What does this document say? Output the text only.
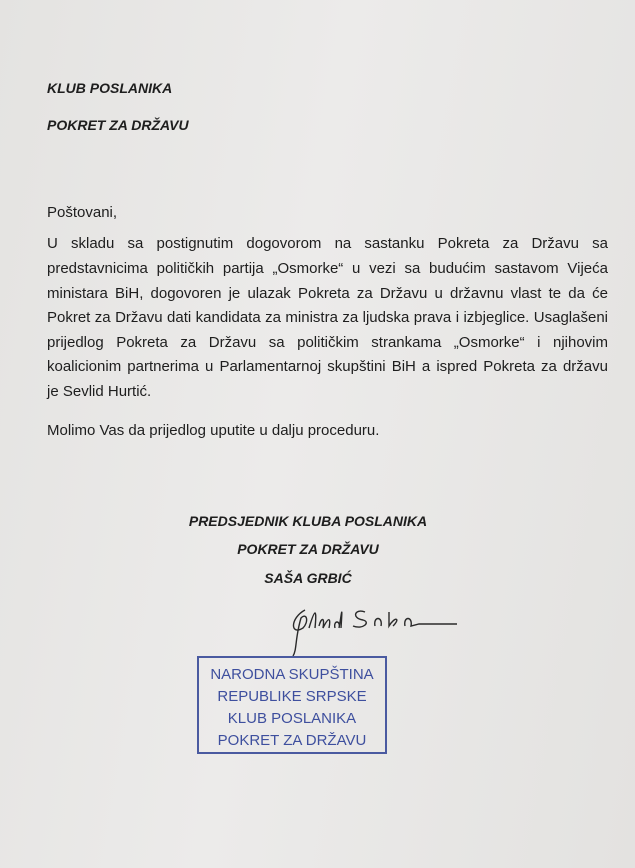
KLUB POSLANIKA
POKRET ZA DRŽAVU
Poštovani,
U skladu sa postignutim dogovorom na sastanku Pokreta za Državu sa
predstavnicima političkih partija „Osmorke“ u vezi sa budućim sastavom Vijeća
ministara BiH, dogovoren je ulazak Pokreta za Državu u državnu vlast te da će
Pokret za Državu dati kandidata za ministra za ljudska prava i izbjeglice. Usaglašeni
prijedlog Pokreta za Državu sa političkim strankama „Osmorke“ i njihovim
koalicionim partnerima u Parlamentarnoj skupštini BiH a ispred Pokreta za državu
je Sevlid Hurtić.
Molimo Vas da prijedlog uputite u dalju proceduru.
PREDSJEDNIK KLUBA POSLANIKA
POKRET ZA DRŽAVU
SAŠA GRBIĆ
NARODNA SKUPŠTINA
REPUBLIKE SRPSKE
KLUB POSLANIKA
POKRET ZA DRŽAVU
